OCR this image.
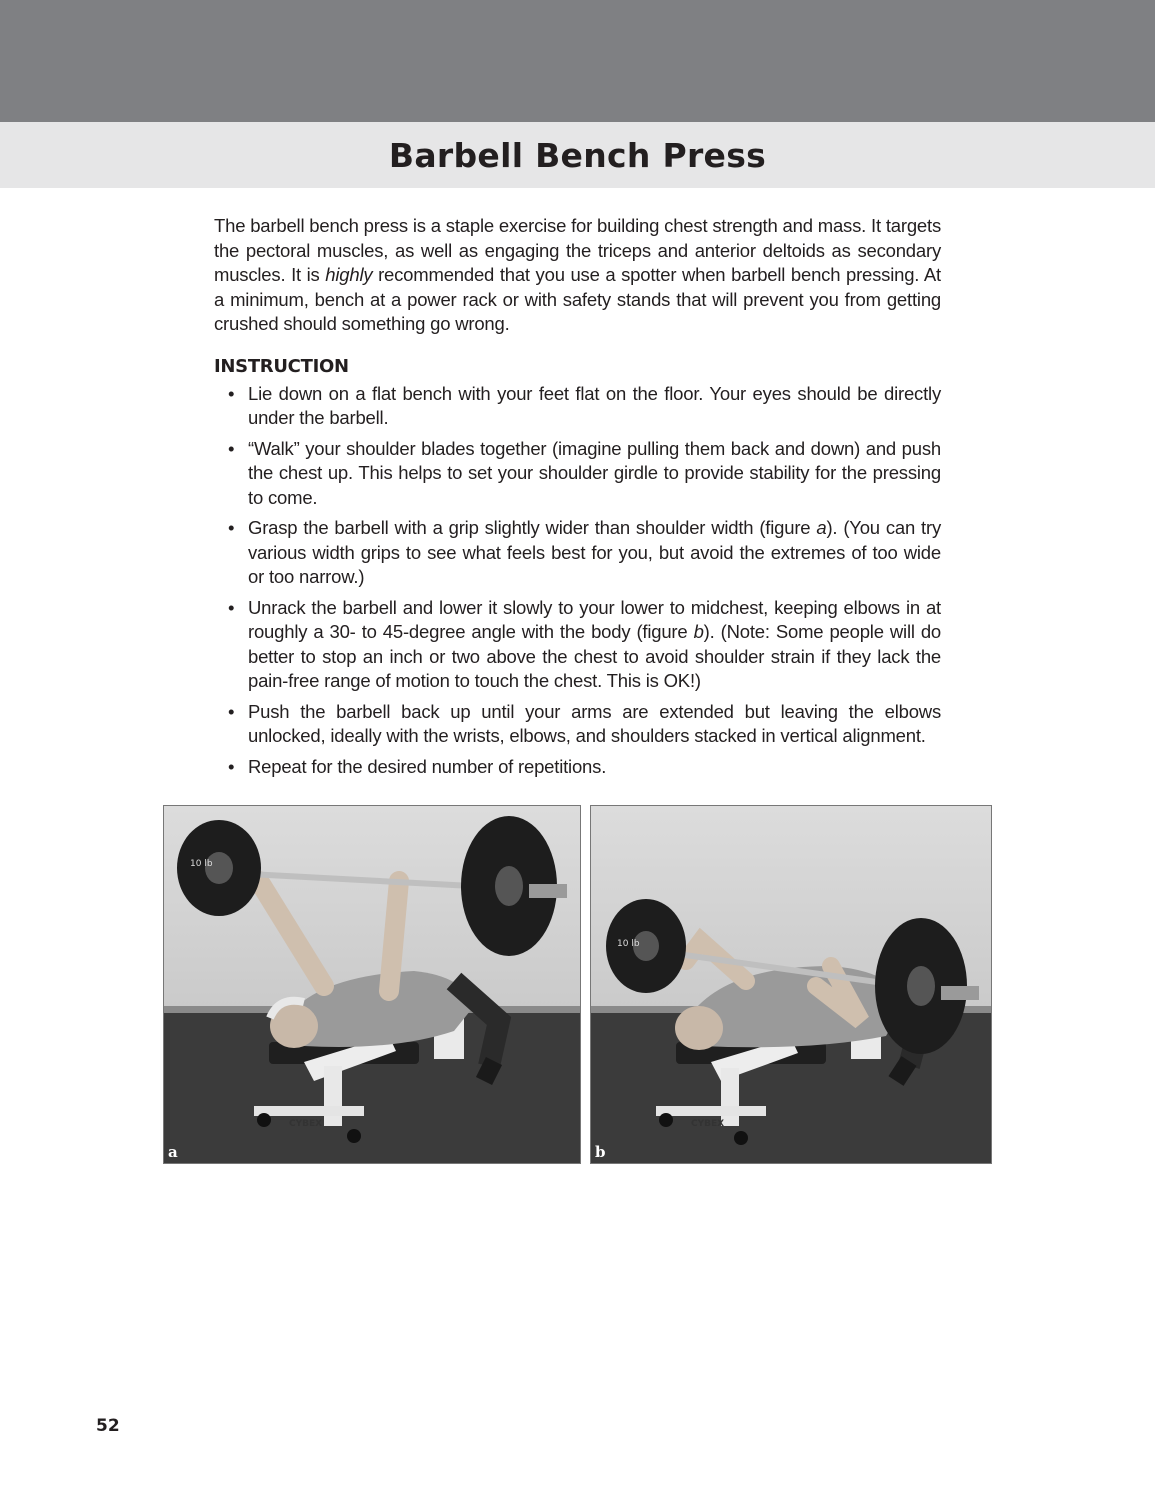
Barbell Bench Press

The barbell bench press is a staple exercise for building chest strength and mass. It targets the pectoral muscles, as well as engaging the triceps and anterior deltoids as secondary muscles. It is highly recommended that you use a spotter when barbell bench pressing. At a minimum, bench at a power rack or with safety stands that will prevent you from getting crushed should something go wrong.

INSTRUCTION
• Lie down on a flat bench with your feet flat on the floor. Your eyes should be directly under the barbell.
• “Walk” your shoulder blades together (imagine pulling them back and down) and push the chest up. This helps to set your shoulder girdle to provide stability for the pressing to come.
• Grasp the barbell with a grip slightly wider than shoulder width (figure a). (You can try various width grips to see what feels best for you, but avoid the extremes of too wide or too narrow.)
• Unrack the barbell and lower it slowly to your lower to midchest, keeping elbows in at roughly a 30- to 45-degree angle with the body (figure b). (Note: Some people will do better to stop an inch or two above the chest to avoid shoulder strain if they lack the pain-free range of motion to touch the chest. This is OK!)
• Push the barbell back up until your arms are extended but leaving the elbows unlocked, ideally with the wrists, elbows, and shoulders stacked in vertical alignment.
• Repeat for the desired number of repetitions.
CYBEX
10 lb
a
CYBEX
10 lb
b
52
